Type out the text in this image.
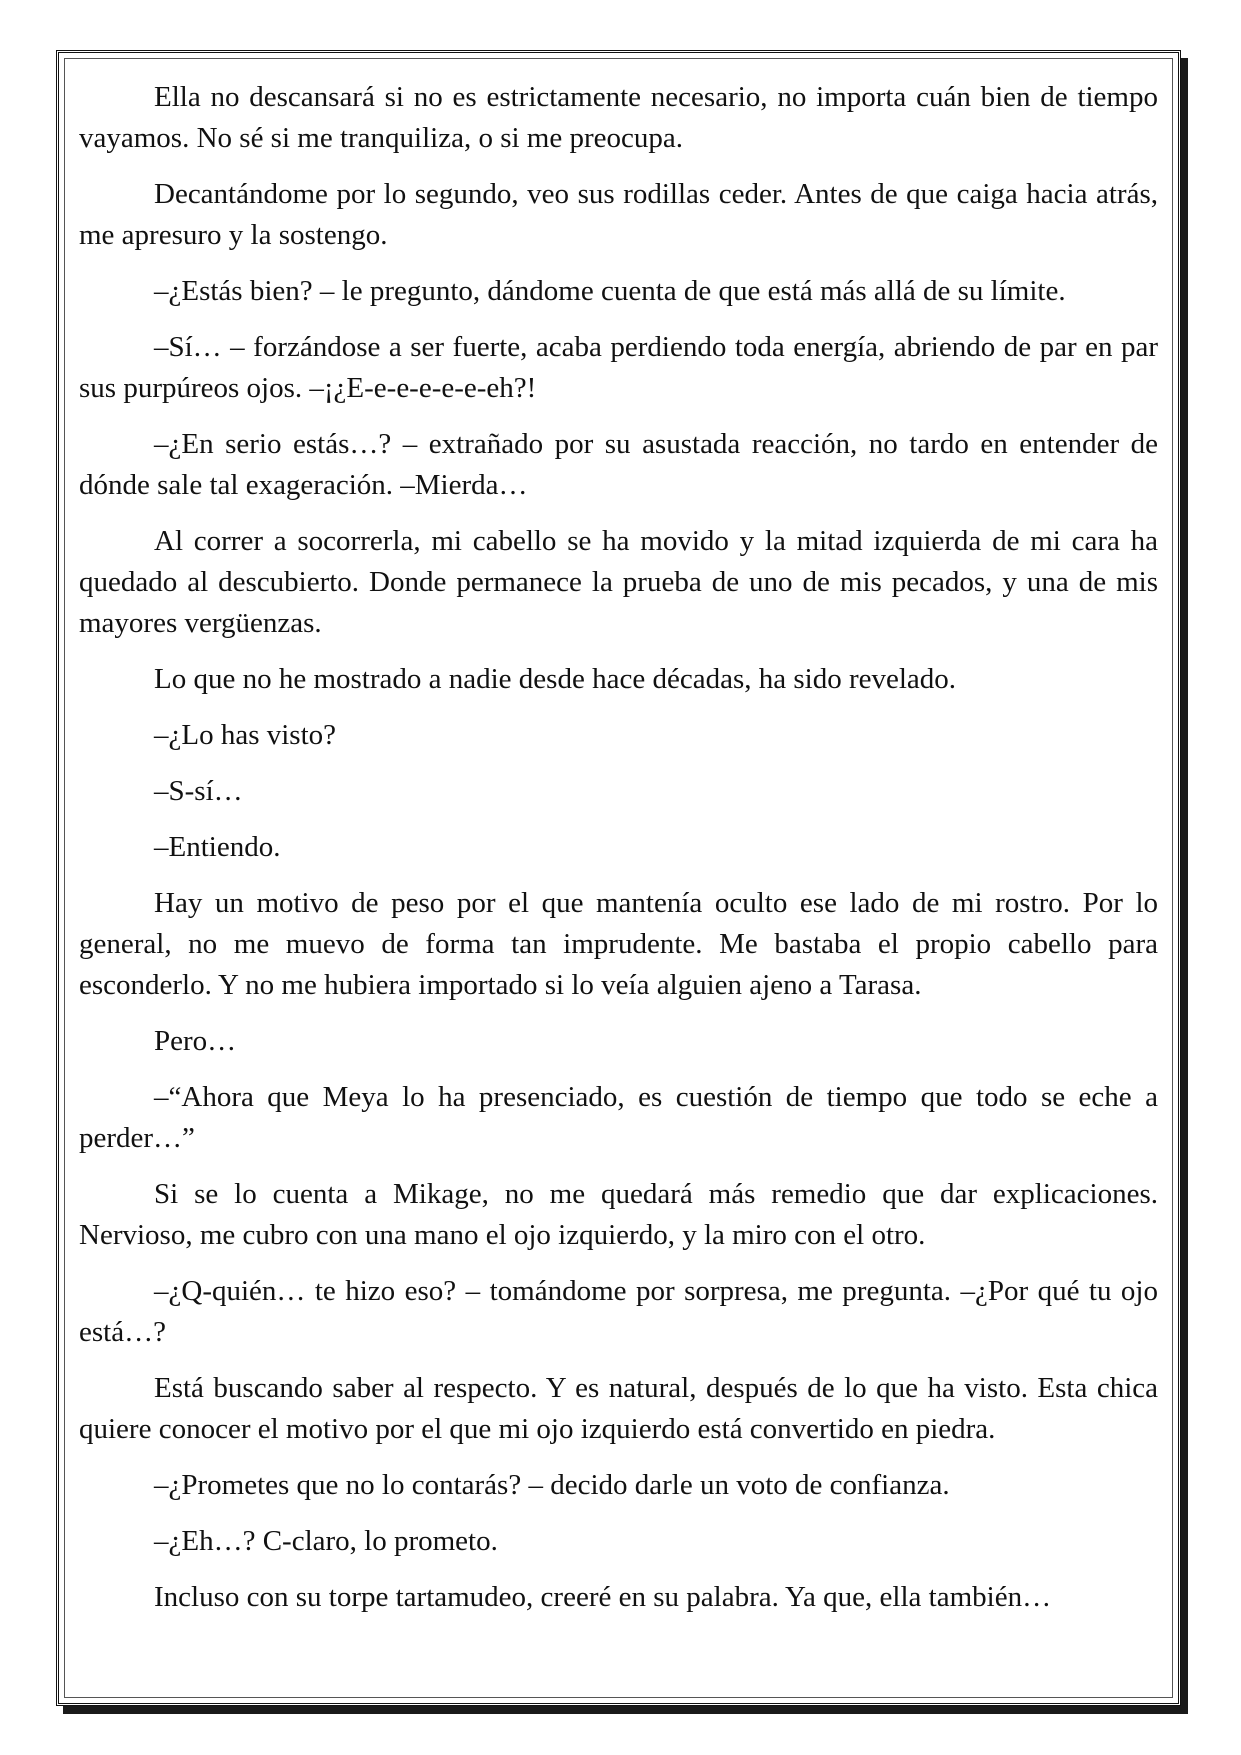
Ella no descansará si no es estrictamente necesario, no importa cuán bien de tiempo vayamos. No sé si me tranquiliza, o si me preocupa.

Decantándome por lo segundo, veo sus rodillas ceder. Antes de que caiga hacia atrás, me apresuro y la sostengo.

–¿Estás bien? – le pregunto, dándome cuenta de que está más allá de su límite.

–Sí… – forzándose a ser fuerte, acaba perdiendo toda energía, abriendo de par en par sus purpúreos ojos. –¡¿E-e-e-e-e-e-eh?!

–¿En serio estás…? – extrañado por su asustada reacción, no tardo en entender de dónde sale tal exageración. –Mierda…

Al correr a socorrerla, mi cabello se ha movido y la mitad izquierda de mi cara ha quedado al descubierto. Donde permanece la prueba de uno de mis pecados, y una de mis mayores vergüenzas.

Lo que no he mostrado a nadie desde hace décadas, ha sido revelado.

–¿Lo has visto?

–S-sí…

–Entiendo.

Hay un motivo de peso por el que mantenía oculto ese lado de mi rostro. Por lo general, no me muevo de forma tan imprudente. Me bastaba el propio cabello para esconderlo. Y no me hubiera importado si lo veía alguien ajeno a Tarasa.

Pero…

–“Ahora que Meya lo ha presenciado, es cuestión de tiempo que todo se eche a perder…”

Si se lo cuenta a Mikage, no me quedará más remedio que dar explicaciones. Nervioso, me cubro con una mano el ojo izquierdo, y la miro con el otro.

–¿Q-quién… te hizo eso? – tomándome por sorpresa, me pregunta. –¿Por qué tu ojo está…?

Está buscando saber al respecto. Y es natural, después de lo que ha visto. Esta chica quiere conocer el motivo por el que mi ojo izquierdo está convertido en piedra.

–¿Prometes que no lo contarás? – decido darle un voto de confianza.

–¿Eh…? C-claro, lo prometo.

Incluso con su torpe tartamudeo, creeré en su palabra. Ya que, ella también…
